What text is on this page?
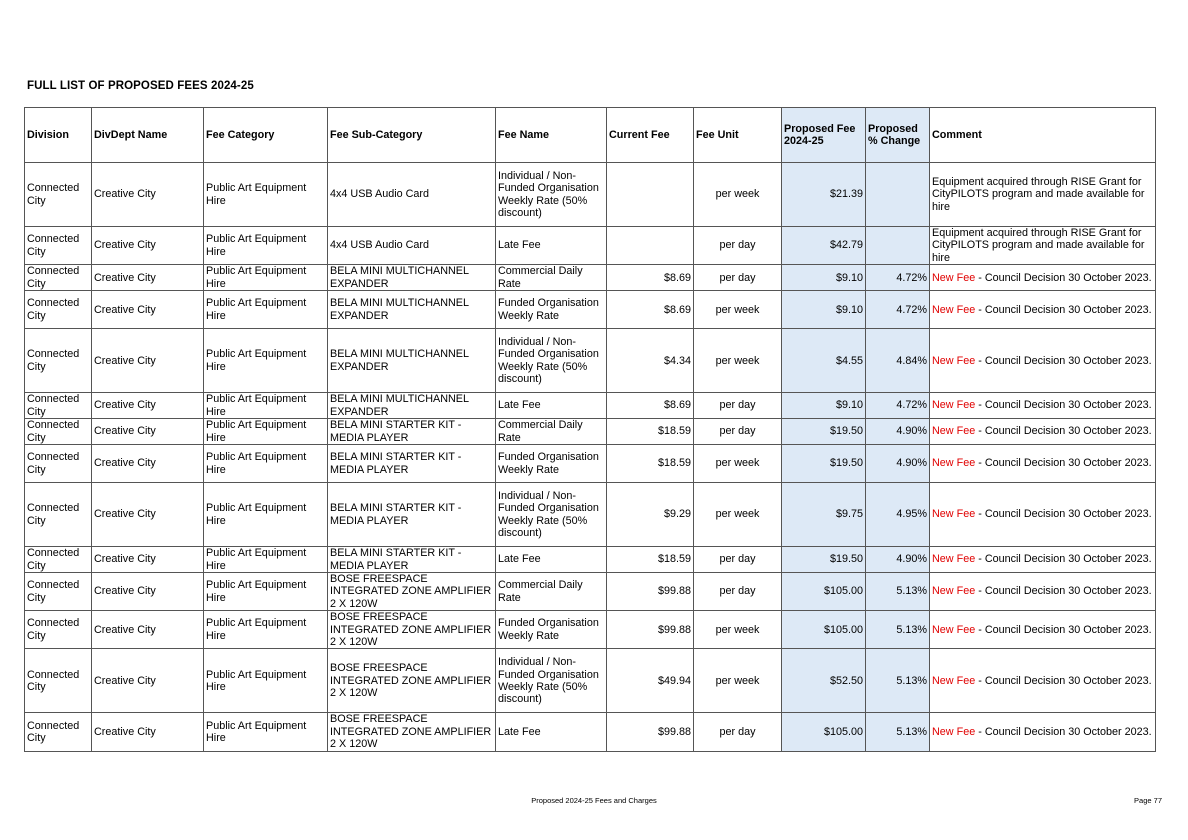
FULL LIST OF PROPOSED FEES 2024-25
Division	DivDept Name	Fee Category	Fee Sub-Category	Fee Name	Current Fee	Fee Unit	Proposed Fee 2024-25	Proposed % Change	Comment
Connected City	Creative City	Public Art Equipment Hire	4x4 USB Audio Card	Individual / Non-Funded Organisation Weekly Rate (50% discount)		per week	$21.39		Equipment acquired through RISE Grant for CityPILOTS program and made available for hire
Connected City	Creative City	Public Art Equipment Hire	4x4 USB Audio Card	Late Fee		per day	$42.79		Equipment acquired through RISE Grant for CityPILOTS program and made available for hire
Connected City	Creative City	Public Art Equipment Hire	BELA MINI MULTICHANNEL EXPANDER	Commercial Daily Rate	$8.69	per day	$9.10	4.72%	New Fee - Council Decision 30 October 2023.
Connected City	Creative City	Public Art Equipment Hire	BELA MINI MULTICHANNEL EXPANDER	Funded Organisation Weekly Rate	$8.69	per week	$9.10	4.72%	New Fee - Council Decision 30 October 2023.
Connected City	Creative City	Public Art Equipment Hire	BELA MINI MULTICHANNEL EXPANDER	Individual / Non-Funded Organisation Weekly Rate (50% discount)	$4.34	per week	$4.55	4.84%	New Fee - Council Decision 30 October 2023.
Connected City	Creative City	Public Art Equipment Hire	BELA MINI MULTICHANNEL EXPANDER	Late Fee	$8.69	per day	$9.10	4.72%	New Fee - Council Decision 30 October 2023.
Connected City	Creative City	Public Art Equipment Hire	BELA MINI STARTER KIT - MEDIA PLAYER	Commercial Daily Rate	$18.59	per day	$19.50	4.90%	New Fee - Council Decision 30 October 2023.
Connected City	Creative City	Public Art Equipment Hire	BELA MINI STARTER KIT - MEDIA PLAYER	Funded Organisation Weekly Rate	$18.59	per week	$19.50	4.90%	New Fee - Council Decision 30 October 2023.
Connected City	Creative City	Public Art Equipment Hire	BELA MINI STARTER KIT - MEDIA PLAYER	Individual / Non-Funded Organisation Weekly Rate (50% discount)	$9.29	per week	$9.75	4.95%	New Fee - Council Decision 30 October 2023.
Connected City	Creative City	Public Art Equipment Hire	BELA MINI STARTER KIT - MEDIA PLAYER	Late Fee	$18.59	per day	$19.50	4.90%	New Fee - Council Decision 30 October 2023.
Connected City	Creative City	Public Art Equipment Hire	BOSE FREESPACE INTEGRATED ZONE AMPLIFIER 2 X 120W	Commercial Daily Rate	$99.88	per day	$105.00	5.13%	New Fee - Council Decision 30 October 2023.
Connected City	Creative City	Public Art Equipment Hire	BOSE FREESPACE INTEGRATED ZONE AMPLIFIER 2 X 120W	Funded Organisation Weekly Rate	$99.88	per week	$105.00	5.13%	New Fee - Council Decision 30 October 2023.
Connected City	Creative City	Public Art Equipment Hire	BOSE FREESPACE INTEGRATED ZONE AMPLIFIER 2 X 120W	Individual / Non-Funded Organisation Weekly Rate (50% discount)	$49.94	per week	$52.50	5.13%	New Fee - Council Decision 30 October 2023.
Connected City	Creative City	Public Art Equipment Hire	BOSE FREESPACE INTEGRATED ZONE AMPLIFIER 2 X 120W	Late Fee	$99.88	per day	$105.00	5.13%	New Fee - Council Decision 30 October 2023.
Proposed 2024-25 Fees and Charges	Page 77
